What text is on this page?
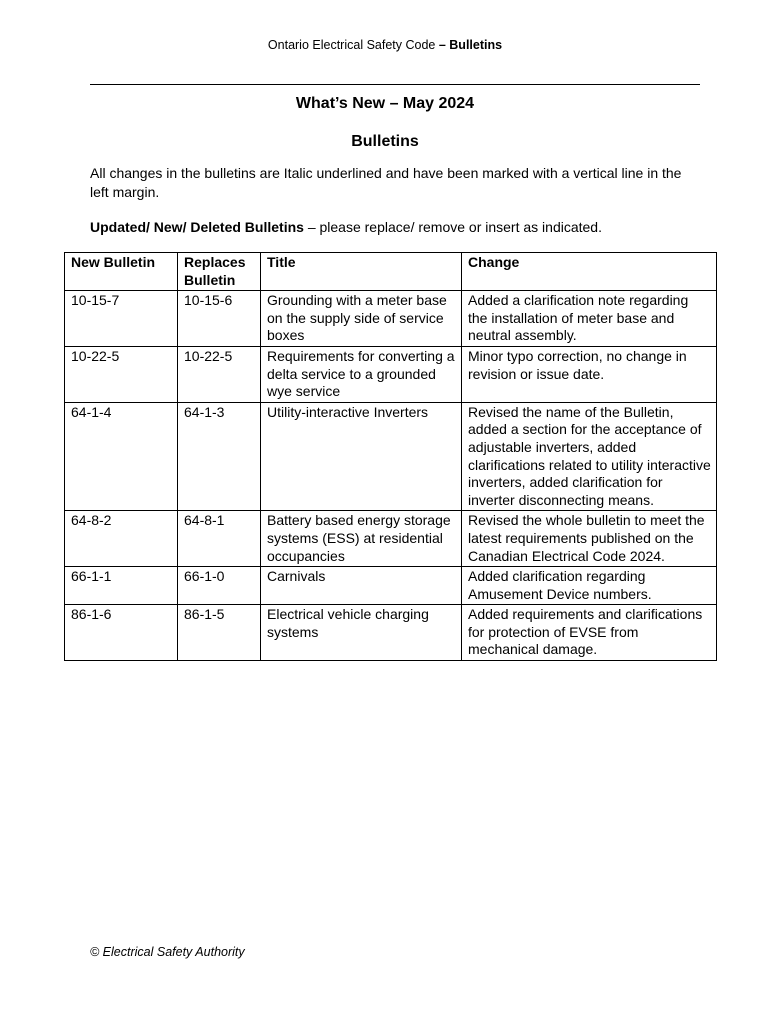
Ontario Electrical Safety Code – Bulletins
What’s New – May 2024
Bulletins

All changes in the bulletins are Italic underlined and have been marked with a vertical line in the left margin.

Updated/ New/ Deleted Bulletins – please replace/ remove or insert as indicated.

New Bulletin	Replaces Bulletin	Title	Change
10-15-7	10-15-6	Grounding with a meter base on the supply side of service boxes	Added a clarification note regarding the installation of meter base and neutral assembly.
10-22-5	10-22-5	Requirements for converting a delta service to a grounded wye service	Minor typo correction, no change in revision or issue date.
64-1-4	64-1-3	Utility-interactive Inverters	Revised the name of the Bulletin, added a section for the acceptance of adjustable inverters, added clarifications related to utility interactive inverters, added clarification for inverter disconnecting means.
64-8-2	64-8-1	Battery based energy storage systems (ESS) at residential occupancies	Revised the whole bulletin to meet the latest requirements published on the Canadian Electrical Code 2024.
66-1-1	66-1-0	Carnivals	Added clarification regarding Amusement Device numbers.
86-1-6	86-1-5	Electrical vehicle charging systems	Added requirements and clarifications for protection of EVSE from mechanical damage.
© Electrical Safety Authority
